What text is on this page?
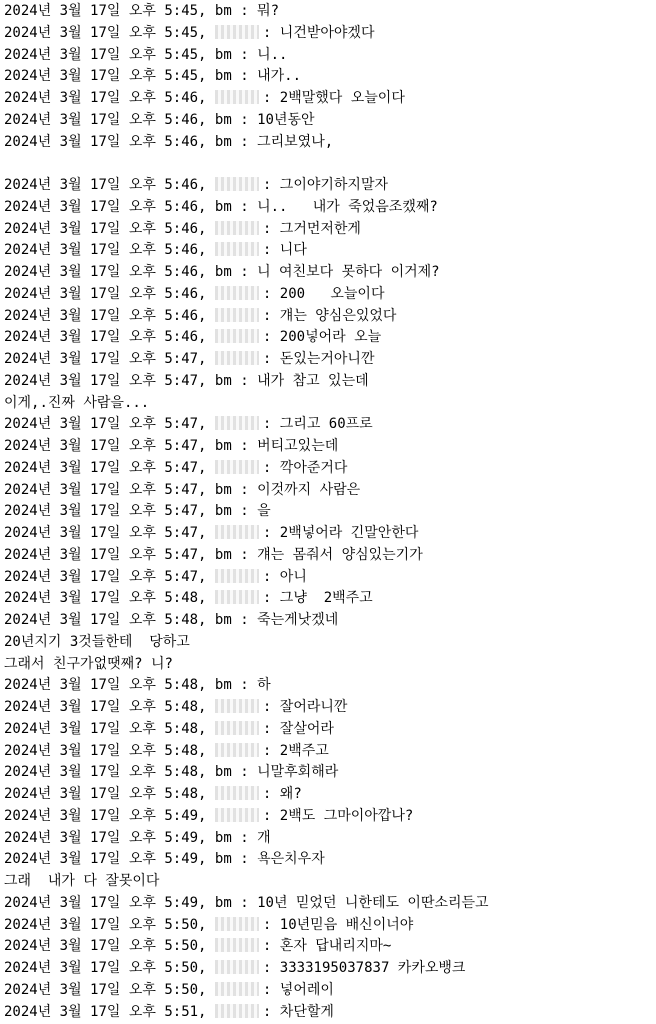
2024년 3월 17일 오후 5:45, bm : 뭐?
2024년 3월 17일 오후 5:45,	: 니건받아야겠다
2024년 3월 17일 오후 5:45, bm : 니..
2024년 3월 17일 오후 5:45, bm : 내가..
2024년 3월 17일 오후 5:46,	: 2백말했다 오늘이다
2024년 3월 17일 오후 5:46, bm : 10년동안
2024년 3월 17일 오후 5:46, bm : 그리보였나,
2024년 3월 17일 오후 5:46,	: 그이야기하지말자
2024년 3월 17일 오후 5:46, bm : 니..   내가 죽었음조캤째?
2024년 3월 17일 오후 5:46,	: 그거먼저한게
2024년 3월 17일 오후 5:46,	: 니다
2024년 3월 17일 오후 5:46, bm : 니 여친보다 못하다 이거제?
2024년 3월 17일 오후 5:46,	: 200   오늘이다
2024년 3월 17일 오후 5:46,	: 걔는 양심은있었다
2024년 3월 17일 오후 5:46,	: 200넣어라 오늘
2024년 3월 17일 오후 5:47,	: 돈있는거아니깐
2024년 3월 17일 오후 5:47, bm : 내가 참고 있는데
이게,.진짜 사람을...
2024년 3월 17일 오후 5:47,	: 그리고 60프로
2024년 3월 17일 오후 5:47, bm : 버티고있는데
2024년 3월 17일 오후 5:47,	: 깍아준거다
2024년 3월 17일 오후 5:47, bm : 이것까지 사람은
2024년 3월 17일 오후 5:47, bm : 을
2024년 3월 17일 오후 5:47,	: 2백넣어라 긴말안한다
2024년 3월 17일 오후 5:47, bm : 걔는 몸줘서 양심있는기가
2024년 3월 17일 오후 5:47,	: 아니
2024년 3월 17일 오후 5:48,	: 그냥  2백주고
2024년 3월 17일 오후 5:48, bm : 죽는게낫겠네
20년지기 3것들한테  당하고
그래서 친구가없땟째? 니?
2024년 3월 17일 오후 5:48, bm : 하
2024년 3월 17일 오후 5:48,	: 잘어라니깐
2024년 3월 17일 오후 5:48,	: 잘살어라
2024년 3월 17일 오후 5:48,	: 2백주고
2024년 3월 17일 오후 5:48, bm : 니말후회해라
2024년 3월 17일 오후 5:48,	: 왜?
2024년 3월 17일 오후 5:49,	: 2백도 그마이아깝나?
2024년 3월 17일 오후 5:49, bm : 개
2024년 3월 17일 오후 5:49, bm : 욕은치우자
그래  내가 다 잘못이다
2024년 3월 17일 오후 5:49, bm : 10년 믿었던 니한테도 이딴소리듣고
2024년 3월 17일 오후 5:50,	: 10년믿음 배신이너야
2024년 3월 17일 오후 5:50,	: 혼자 답내리지마~
2024년 3월 17일 오후 5:50,	: 3333195037837 카카오뱅크
2024년 3월 17일 오후 5:50,	: 넣어레이
2024년 3월 17일 오후 5:51,	: 차단할게
